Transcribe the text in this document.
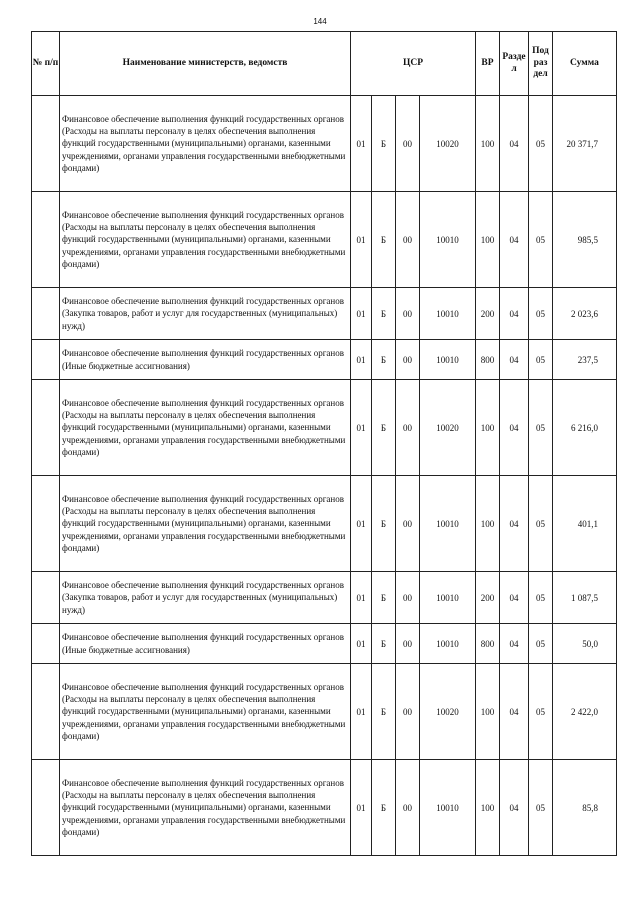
144
№ п/п	Наименование министерств, ведомств	ЦСР				ВР	Разде л	Под раз дел	Сумма
	Финансовое обеспечение выполнения функций государственных органов (Расходы на выплаты персоналу в целях обеспечения выполнения функций государственными (муниципальными) органами, казенными учреждениями, органами управления государственными внебюджетными фондами)	01	Б	00	10020	100	04	05	20 371,7
	Финансовое обеспечение выполнения функций государственных органов (Расходы на выплаты персоналу в целях обеспечения выполнения функций государственными (муниципальными) органами, казенными учреждениями, органами управления государственными внебюджетными фондами)	01	Б	00	10010	100	04	05	985,5
	Финансовое обеспечение выполнения функций государственных органов (Закупка товаров, работ и услуг для государственных (муниципальных) нужд)	01	Б	00	10010	200	04	05	2 023,6
	Финансовое обеспечение выполнения функций государственных органов (Иные бюджетные ассигнования)	01	Б	00	10010	800	04	05	237,5
	Финансовое обеспечение выполнения функций государственных органов (Расходы на выплаты персоналу в целях обеспечения выполнения функций государственными (муниципальными) органами, казенными учреждениями, органами управления государственными внебюджетными фондами)	01	Б	00	10020	100	04	05	6 216,0
	Финансовое обеспечение выполнения функций государственных органов (Расходы на выплаты персоналу в целях обеспечения выполнения функций государственными (муниципальными) органами, казенными учреждениями, органами управления государственными внебюджетными фондами)	01	Б	00	10010	100	04	05	401,1
	Финансовое обеспечение выполнения функций государственных органов (Закупка товаров, работ и услуг для государственных (муниципальных) нужд)	01	Б	00	10010	200	04	05	1 087,5
	Финансовое обеспечение выполнения функций государственных органов (Иные бюджетные ассигнования)	01	Б	00	10010	800	04	05	50,0
	Финансовое обеспечение выполнения функций государственных органов (Расходы на выплаты персоналу в целях обеспечения выполнения функций государственными (муниципальными) органами, казенными учреждениями, органами управления государственными внебюджетными фондами)	01	Б	00	10020	100	04	05	2 422,0
	Финансовое обеспечение выполнения функций государственных органов (Расходы на выплаты персоналу в целях обеспечения выполнения функций государственными (муниципальными) органами, казенными учреждениями, органами управления государственными внебюджетными фондами)	01	Б	00	10010	100	04	05	85,8
